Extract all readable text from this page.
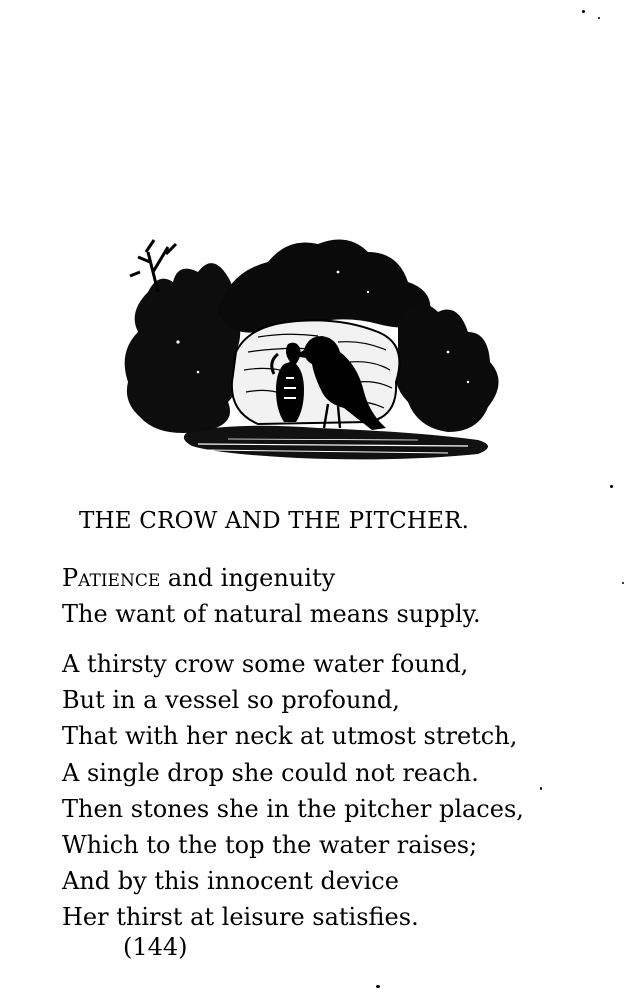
THE CROW AND THE PITCHER.
Patience and ingenuity
The want of natural means supply.
A thirsty crow some water found,
But in a vessel so profound,
That with her neck at utmost stretch,
A single drop she could not reach.
Then stones she in the pitcher places,
Which to the top the water raises;
And by this innocent device
Her thirst at leisure satisfies.
(144)
